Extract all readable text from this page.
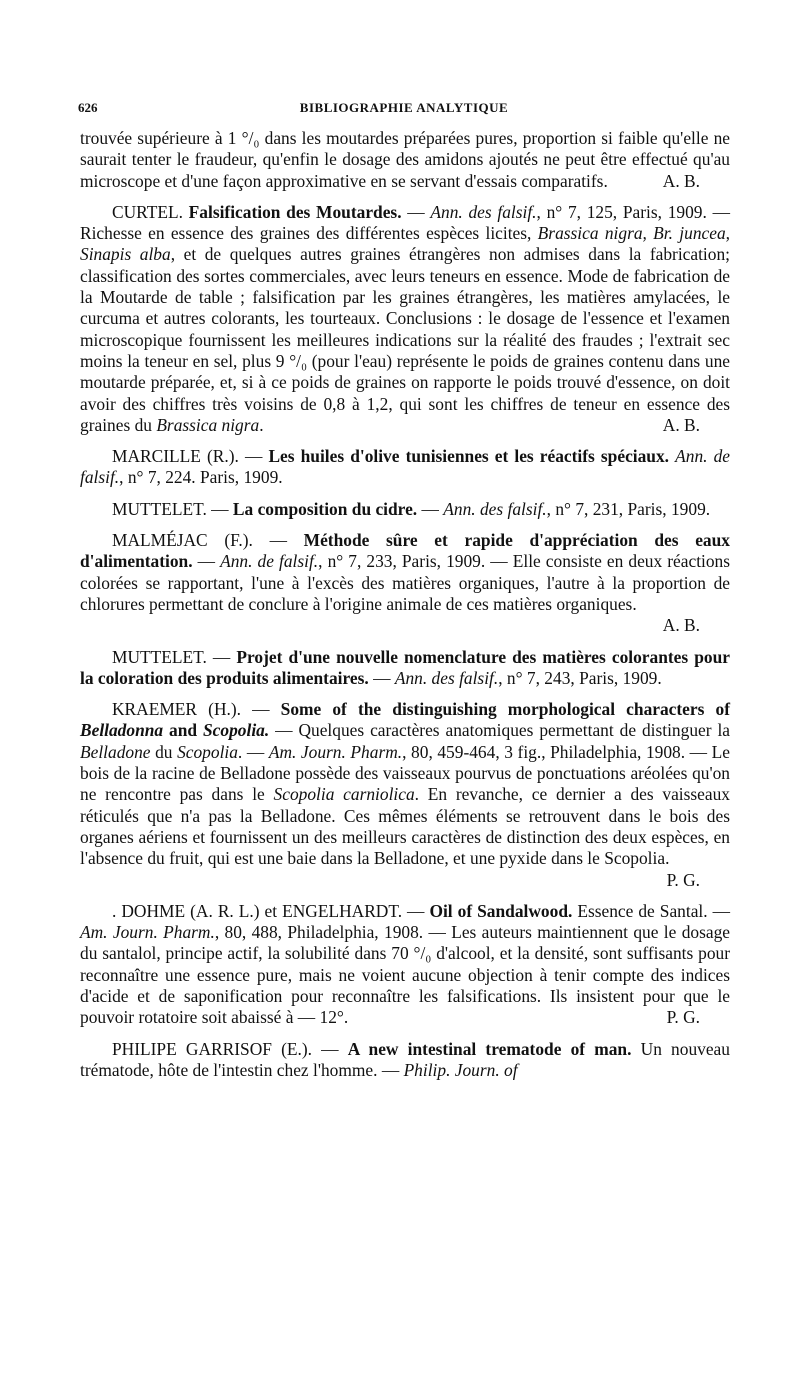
626	BIBLIOGRAPHIE ANALYTIQUE

trouvée supérieure à 1 °/₀ dans les moutardes préparées pures, proportion si faible qu'elle ne saurait tenter le fraudeur, qu'enfin le dosage des amidons ajoutés ne peut être effectué qu'au microscope et d'une façon approximative en se servant d'essais comparatifs.	A. B.

CURTEL. Falsification des Moutardes. — Ann. des falsif., n° 7, 125, Paris, 1909. — Richesse en essence des graines des différentes espèces licites, Brassica nigra, Br. juncea, Sinapis alba, et de quelques autres graines étrangères non admises dans la fabrication; classification des sortes commerciales, avec leurs teneurs en essence. Mode de fabrication de la Moutarde de table ; falsification par les graines étrangères, les matières amylacées, le curcuma et autres colorants, les tourteaux. Conclusions : le dosage de l'essence et l'examen microscopique fournissent les meilleures indications sur la réalité des fraudes ; l'extrait sec moins la teneur en sel, plus 9 °/₀ (pour l'eau) représente le poids de graines contenu dans une moutarde préparée, et, si à ce poids de graines on rapporte le poids trouvé d'essence, on doit avoir des chiffres très voisins de 0,8 à 1,2, qui sont les chiffres de teneur en essence des graines du Brassica nigra.	A. B.

MARCILLE (R.). — Les huiles d'olive tunisiennes et les réactifs spéciaux. Ann. de falsif., n° 7, 224. Paris, 1909.

MUTTELET. — La composition du cidre. — Ann. des falsif., n° 7, 231, Paris, 1909.

MALMÉJAC (F.). — Méthode sûre et rapide d'appréciation des eaux d'alimentation. — Ann. de falsif., n° 7, 233, Paris, 1909. — Elle consiste en deux réactions colorées se rapportant, l'une à l'excès des matières organiques, l'autre à la proportion de chlorures permettant de conclure à l'origine animale de ces matières organiques.
A. B.

MUTTELET. — Projet d'une nouvelle nomenclature des matières colorantes pour la coloration des produits alimentaires. — Ann. des falsif., n° 7, 243, Paris, 1909.

KRAEMER (H.). — Some of the distinguishing morphological characters of Belladonna and Scopolia. — Quelques caractères anatomiques permettant de distinguer la Belladone du Scopolia. — Am. Journ. Pharm., 80, 459-464, 3 fig., Philadelphia, 1908. — Le bois de la racine de Belladone possède des vaisseaux pourvus de ponctuations aréolées qu'on ne rencontre pas dans le Scopolia carniolica. En revanche, ce dernier a des vaisseaux réticulés que n'a pas la Belladone. Ces mêmes éléments se retrouvent dans le bois des organes aériens et fournissent un des meilleurs caractères de distinction des deux espèces, en l'absence du fruit, qui est une baie dans la Belladone, et une pyxide dans le Scopolia.
P. G.

. DOHME (A. R. L.) et ENGELHARDT. — Oil of Sandalwood. Essence de Santal. — Am. Journ. Pharm., 80, 488, Philadelphia, 1908. — Les auteurs maintiennent que le dosage du santalol, principe actif, la solubilité dans 70 °/₀ d'alcool, et la densité, sont suffisants pour reconnaître une essence pure, mais ne voient aucune objection à tenir compte des indices d'acide et de saponification pour reconnaître les falsifications. Ils insistent pour que le pouvoir rotatoire soit abaissé à — 12°.	P. G.

PHILIPE GARRISOF (E.). — A new intestinal trematode of man. Un nouveau trématode, hôte de l'intestin chez l'homme. — Philip. Journ. of
